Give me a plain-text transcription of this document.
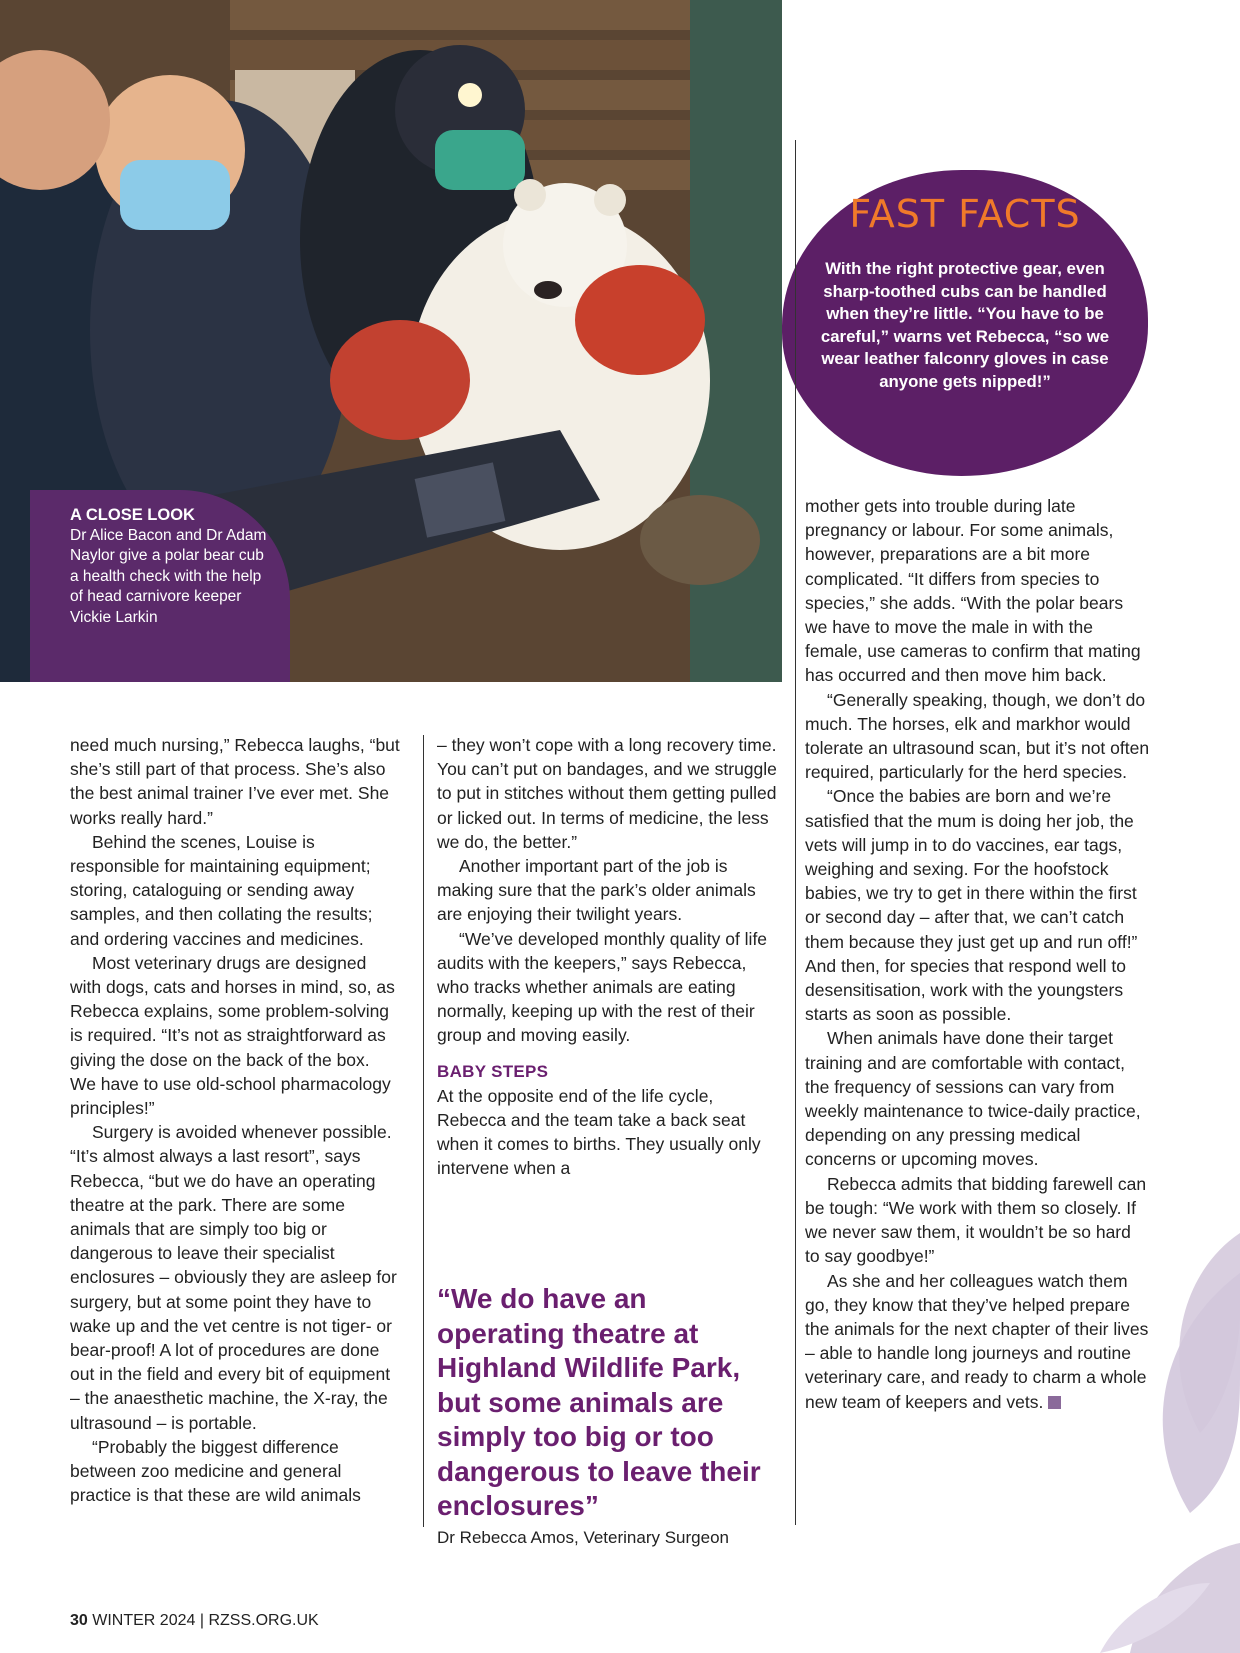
A CLOSE LOOK
Dr Alice Bacon and Dr Adam Naylor give a polar bear cub a health check with the help of head carnivore keeper Vickie Larkin
FAST FACTS
With the right protective gear, even sharp-toothed cubs can be handled when they’re little. “You have to be careful,” warns vet Rebecca, “so we wear leather falconry gloves in case anyone gets nipped!”

need much nursing,” Rebecca laughs, “but she’s still part of that process. She’s also the best animal trainer I’ve ever met. She works really hard.”

Behind the scenes, Louise is responsible for maintaining equipment; storing, cataloguing or sending away samples, and then collating the results; and ordering vaccines and medicines.

Most veterinary drugs are designed with dogs, cats and horses in mind, so, as Rebecca explains, some problem-solving is required. “It’s not as straightforward as giving the dose on the back of the box. We have to use old-school pharmacology principles!”

Surgery is avoided whenever possible. “It’s almost always a last resort”, says Rebecca, “but we do have an operating theatre at the park. There are some animals that are simply too big or dangerous to leave their specialist enclosures – obviously they are asleep for surgery, but at some point they have to wake up and the vet centre is not tiger- or bear-proof! A lot of procedures are done out in the field and every bit of equipment – the anaesthetic machine, the X-ray, the ultrasound – is portable.

“Probably the biggest difference between zoo medicine and general practice is that these are wild animals

– they won’t cope with a long recovery time. You can’t put on bandages, and we struggle to put in stitches without them getting pulled or licked out. In terms of medicine, the less we do, the better.”

Another important part of the job is making sure that the park’s older animals are enjoying their twilight years.

“We’ve developed monthly quality of life audits with the keepers,” says Rebecca, who tracks whether animals are eating normally, keeping up with the rest of their group and moving easily.

BABY STEPS

At the opposite end of the life cycle, Rebecca and the team take a back seat when it comes to births. They usually only intervene when a

“We do have an operating theatre at Highland Wildlife Park, but some animals are simply too big or too dangerous to leave their enclosures”
Dr Rebecca Amos, Veterinary Surgeon

mother gets into trouble during late pregnancy or labour. For some animals, however, preparations are a bit more complicated. “It differs from species to species,” she adds. “With the polar bears we have to move the male in with the female, use cameras to confirm that mating has occurred and then move him back.

“Generally speaking, though, we don’t do much. The horses, elk and markhor would tolerate an ultrasound scan, but it’s not often required, particularly for the herd species.

“Once the babies are born and we’re satisfied that the mum is doing her job, the vets will jump in to do vaccines, ear tags, weighing and sexing. For the hoofstock babies, we try to get in there within the first or second day – after that, we can’t catch them because they just get up and run off!” And then, for species that respond well to desensitisation, work with the youngsters starts as soon as possible.

When animals have done their target training and are comfortable with contact, the frequency of sessions can vary from weekly maintenance to twice-daily practice, depending on any pressing medical concerns or upcoming moves.

Rebecca admits that bidding farewell can be tough: “We work with them so closely. If we never saw them, it wouldn’t be so hard to say goodbye!”

As she and her colleagues watch them go, they know that they’ve helped prepare the animals for the next chapter of their lives – able to handle long journeys and routine veterinary care, and ready to charm a whole new team of keepers and vets.

30 WINTER 2024 | RZSS.ORG.UK
